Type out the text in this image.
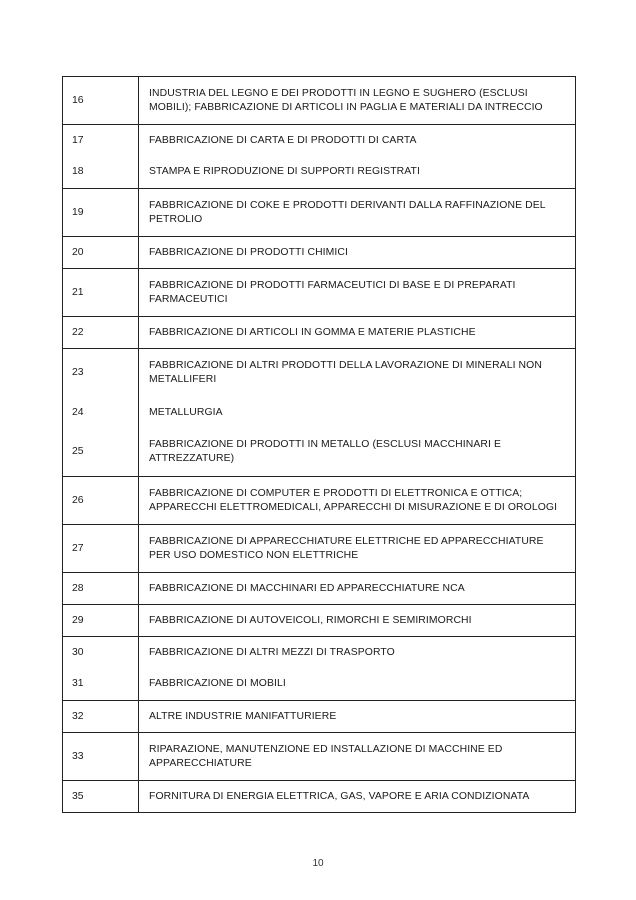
16	INDUSTRIA DEL LEGNO E DEI PRODOTTI IN LEGNO E SUGHERO (ESCLUSI MOBILI); FABBRICAZIONE DI ARTICOLI IN PAGLIA E MATERIALI DA INTRECCIO
17	FABBRICAZIONE DI CARTA E DI PRODOTTI DI CARTA
18	STAMPA E RIPRODUZIONE DI SUPPORTI REGISTRATI
19	FABBRICAZIONE DI COKE E PRODOTTI DERIVANTI DALLA RAFFINAZIONE DEL PETROLIO
20	FABBRICAZIONE DI PRODOTTI CHIMICI
21	FABBRICAZIONE DI PRODOTTI FARMACEUTICI DI BASE E DI PREPARATI FARMACEUTICI
22	FABBRICAZIONE DI ARTICOLI IN GOMMA E MATERIE PLASTICHE
23	FABBRICAZIONE DI ALTRI PRODOTTI DELLA LAVORAZIONE DI MINERALI NON METALLIFERI
24	METALLURGIA
25	FABBRICAZIONE DI PRODOTTI IN METALLO (ESCLUSI MACCHINARI E ATTREZZATURE)
26	FABBRICAZIONE DI COMPUTER E PRODOTTI DI ELETTRONICA E OTTICA; APPARECCHI ELETTROMEDICALI, APPARECCHI DI MISURAZIONE E DI OROLOGI
27	FABBRICAZIONE DI APPARECCHIATURE ELETTRICHE ED APPARECCHIATURE PER USO DOMESTICO NON ELETTRICHE
28	FABBRICAZIONE DI MACCHINARI ED APPARECCHIATURE NCA
29	FABBRICAZIONE DI AUTOVEICOLI, RIMORCHI E SEMIRIMORCHI
30	FABBRICAZIONE DI ALTRI MEZZI DI TRASPORTO
31	FABBRICAZIONE DI MOBILI
32	ALTRE INDUSTRIE MANIFATTURIERE
33	RIPARAZIONE, MANUTENZIONE ED INSTALLAZIONE DI MACCHINE ED APPARECCHIATURE
35	FORNITURA DI ENERGIA ELETTRICA, GAS, VAPORE E ARIA CONDIZIONATA
10
